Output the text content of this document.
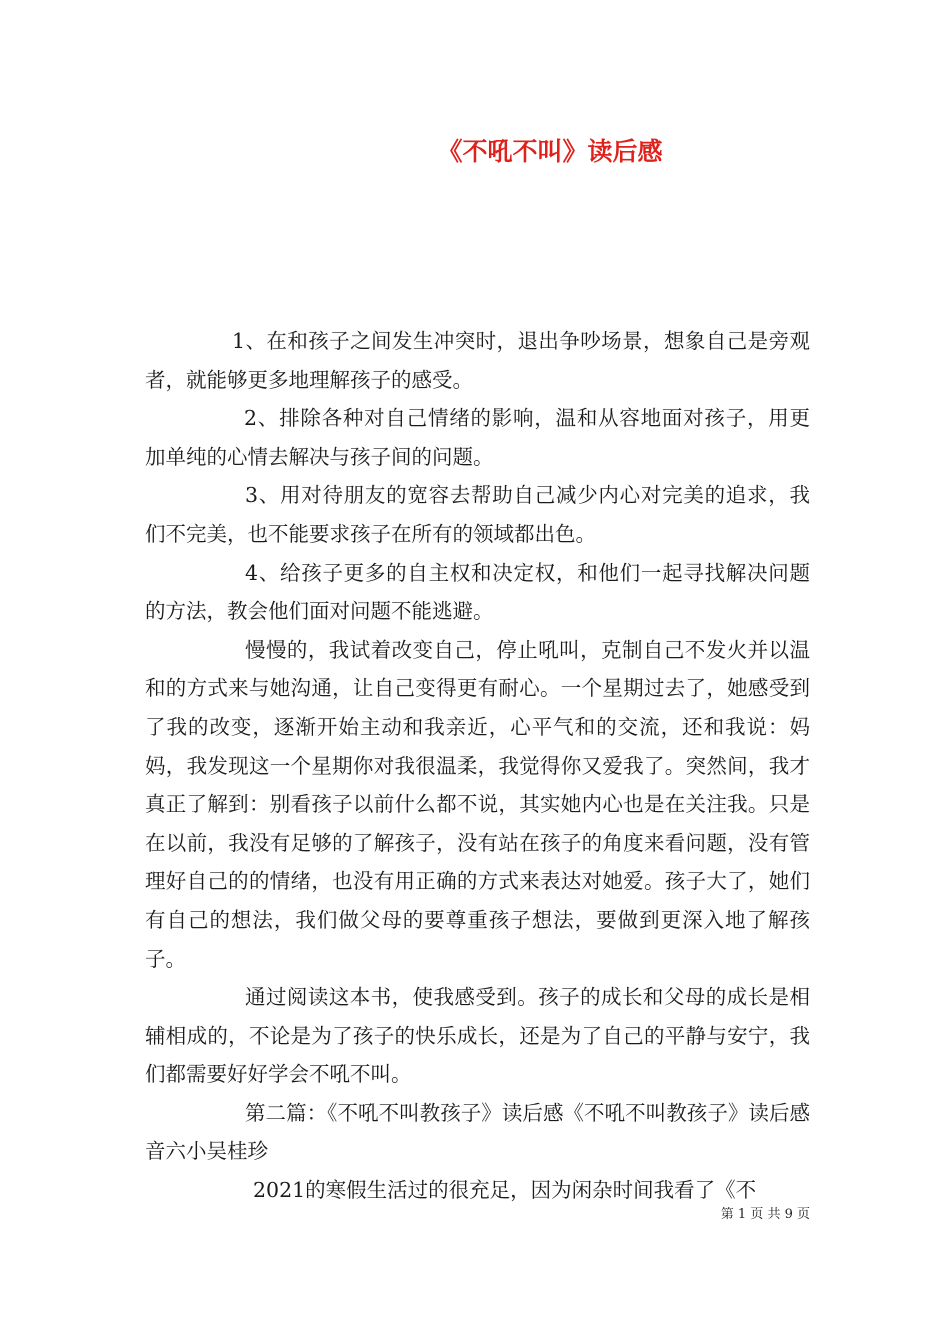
《不吼不叫》读后感

1、在和孩子之间发生冲突时，退出争吵场景，想象自己是旁观者，就能够更多地理解孩子的感受。

2、排除各种对自己情绪的影响，温和从容地面对孩子，用更加单纯的心情去解决与孩子间的问题。

3、用对待朋友的宽容去帮助自己减少内心对完美的追求，我们不完美，也不能要求孩子在所有的领域都出色。

4、给孩子更多的自主权和决定权，和他们一起寻找解决问题的方法，教会他们面对问题不能逃避。

慢慢的，我试着改变自己，停止吼叫，克制自己不发火并以温和的方式来与她沟通，让自己变得更有耐心。一个星期过去了，她感受到了我的改变，逐渐开始主动和我亲近，心平气和的交流，还和我说：妈妈，我发现这一个星期你对我很温柔，我觉得你又爱我了。突然间，我才真正了解到：别看孩子以前什么都不说，其实她内心也是在关注我。只是在以前，我没有足够的了解孩子，没有站在孩子的角度来看问题，没有管理好自己的的情绪，也没有用正确的方式来表达对她爱。孩子大了，她们有自己的想法，我们做父母的要尊重孩子想法，要做到更深入地了解孩子。

通过阅读这本书，使我感受到。孩子的成长和父母的成长是相辅相成的，不论是为了孩子的快乐成长，还是为了自己的平静与安宁，我们都需要好好学会不吼不叫。

第二篇：《不吼不叫教孩子》读后感《不吼不叫教孩子》读后感音六小吴桂珍

2021的寒假生活过的很充足，因为闲杂时间我看了《不

第 1 页 共 9 页
